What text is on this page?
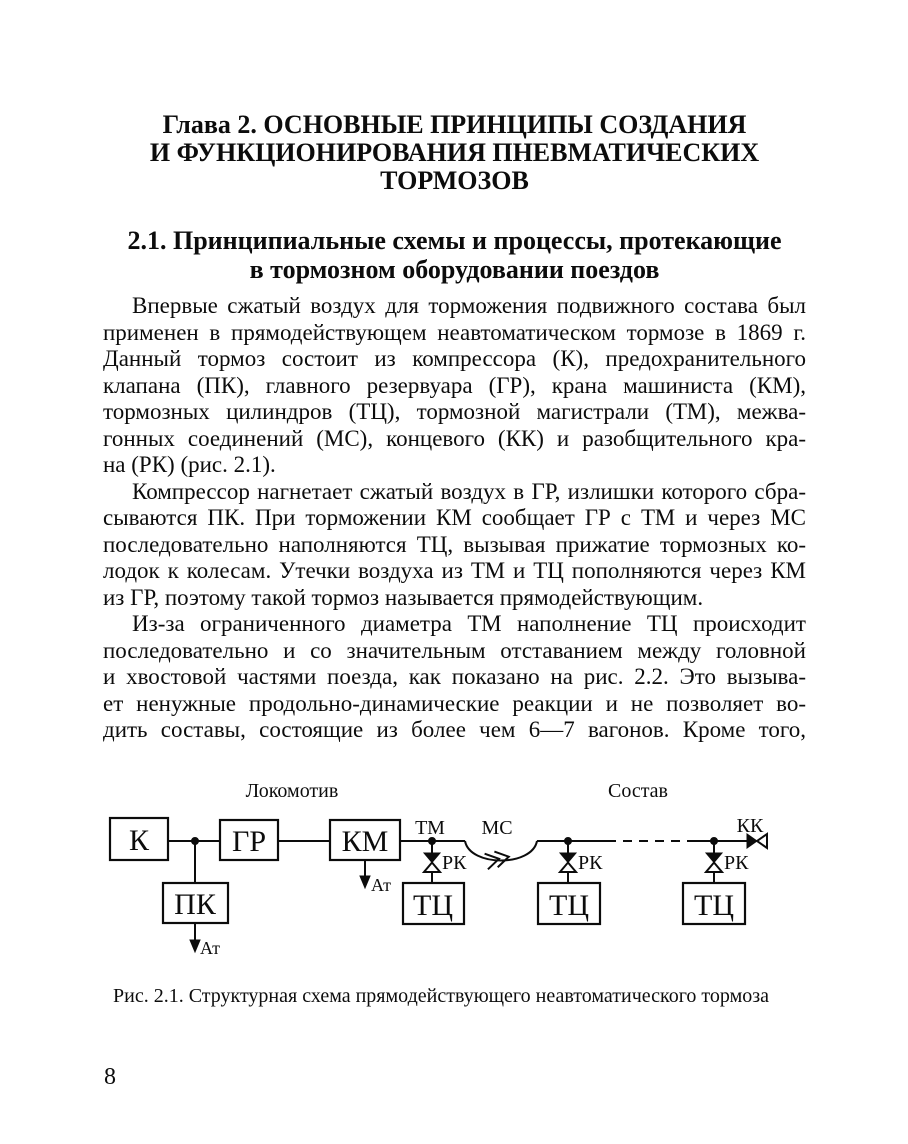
Глава 2. ОСНОВНЫЕ ПРИНЦИПЫ СОЗДАНИЯ
И ФУНКЦИОНИРОВАНИЯ ПНЕВМАТИЧЕСКИХ
ТОРМОЗОВ
2.1. Принципиальные схемы и процессы, протекающие
в тормозном оборудовании поездов
Впервые сжатый воздух для торможения подвижного состава был
применен в прямодействующем неавтоматическом тормозе в 1869 г.
Данный тормоз состоит из компрессора (К), предохранительного
клапана (ПК), главного резервуара (ГР), крана машиниста (КМ),
тормозных цилиндров (ТЦ), тормозной магистрали (ТМ), межва-
гонных соединений (МС), концевого (КК) и разобщительного кра-
на (РК) (рис. 2.1).
Компрессор нагнетает сжатый воздух в ГР, излишки которого сбра-
сываются ПК. При торможении КМ сообщает ГР с ТМ и через МС
последовательно наполняются ТЦ, вызывая прижатие тормозных ко-
лодок к колесам. Утечки воздуха из ТМ и ТЦ пополняются через КМ
из ГР, поэтому такой тормоз называется прямодействующим.
Из-за ограниченного диаметра ТМ наполнение ТЦ происходит
последовательно и со значительным отставанием между головной
и хвостовой частями поезда, как показано на рис. 2.2. Это вызыва-
ет ненужные продольно-динамические реакции и не позволяет во-
дить составы, состоящие из более чем 6—7 вагонов. Кроме того,
Локомотив	Состав
ТМ МС
К	ГР	КМ
ПК
Ат
Ат
РК
ТЦ
РК
ТЦ
РК
ТЦ
КК
Рис. 2.1. Структурная схема прямодействующего неавтоматического тормоза
8
